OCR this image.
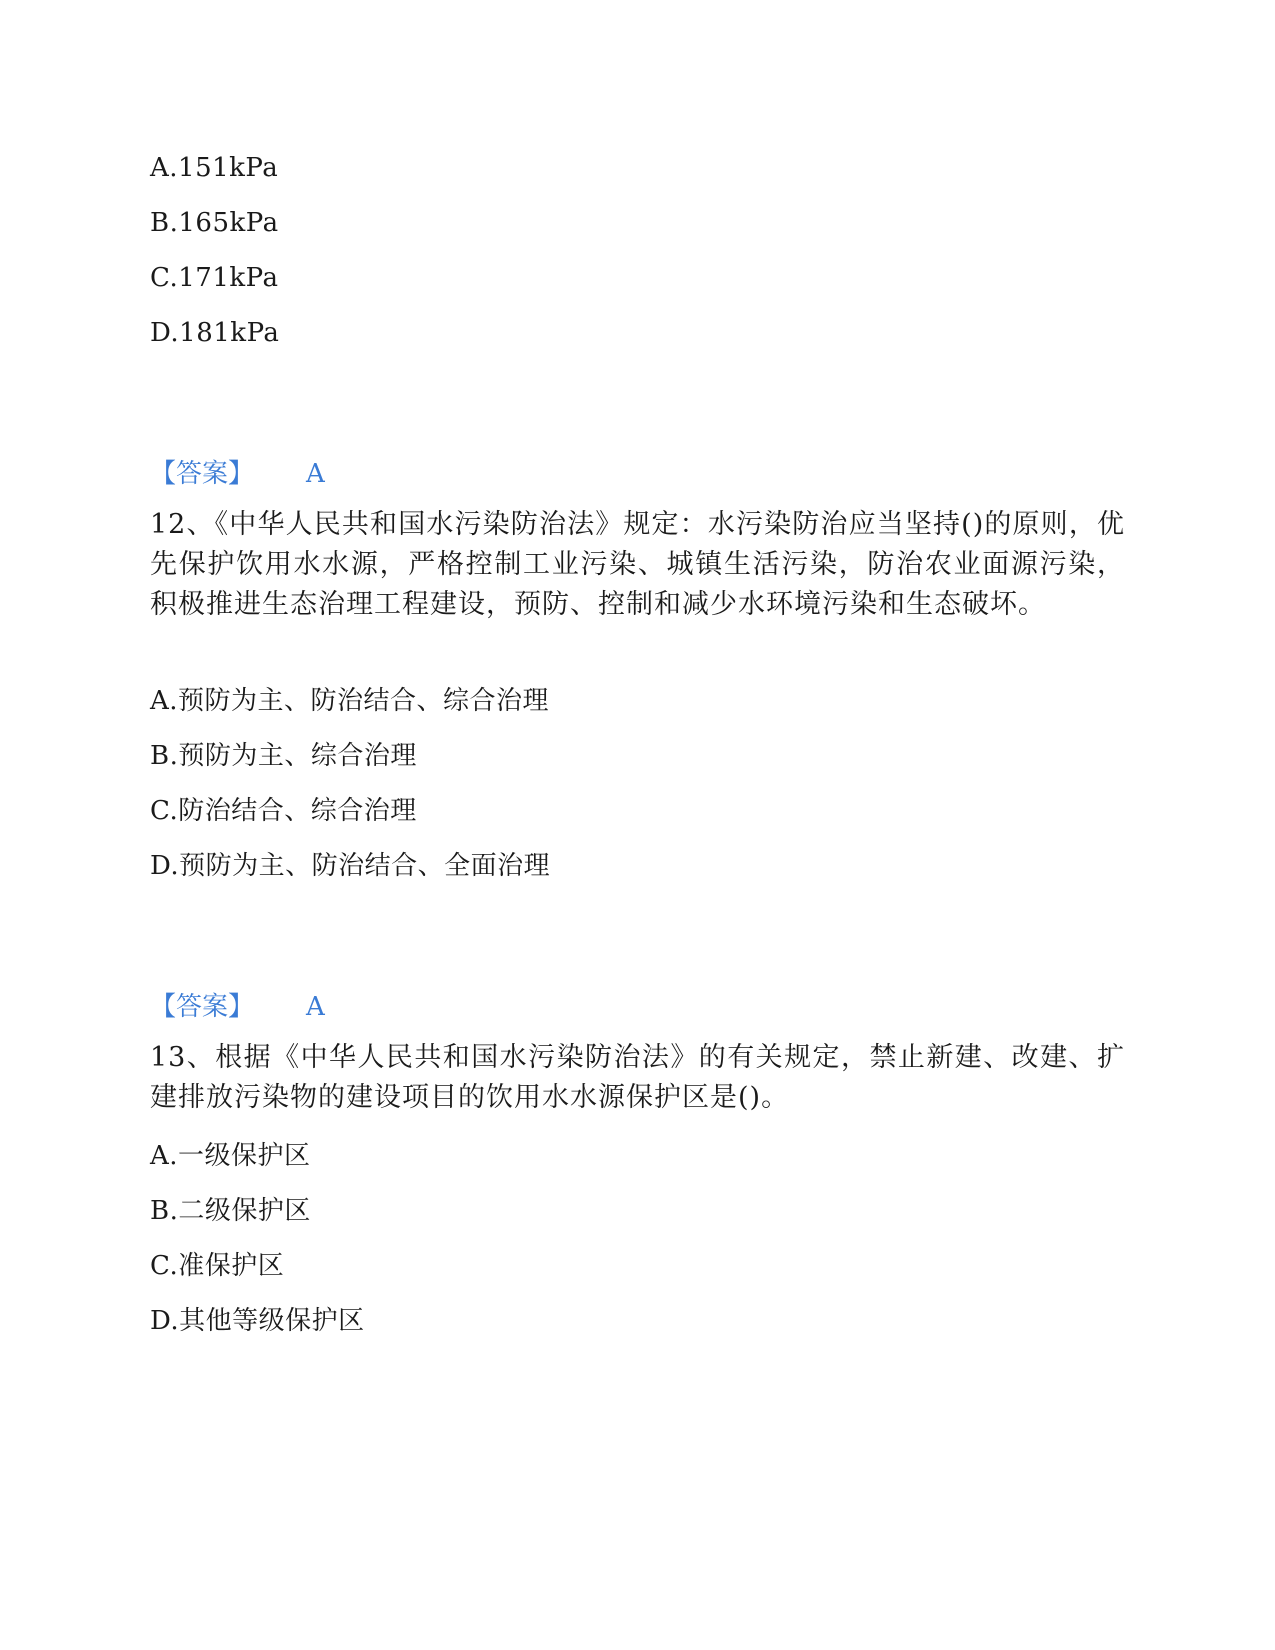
A.151kPa
B.165kPa
C.171kPa
D.181kPa
【答案】 A
12、《中华人民共和国水污染防治法》规定：水污染防治应当坚持()的原则，优先保护饮用水水源，严格控制工业污染、城镇生活污染，防治农业面源污染，积极推进生态治理工程建设，预防、控制和减少水环境污染和生态破坏。
A.预防为主、防治结合、综合治理
B.预防为主、综合治理
C.防治结合、综合治理
D.预防为主、防治结合、全面治理
【答案】 A
13、根据《中华人民共和国水污染防治法》的有关规定，禁止新建、改建、扩建排放污染物的建设项目的饮用水水源保护区是()。
A.一级保护区
B.二级保护区
C.准保护区
D.其他等级保护区
